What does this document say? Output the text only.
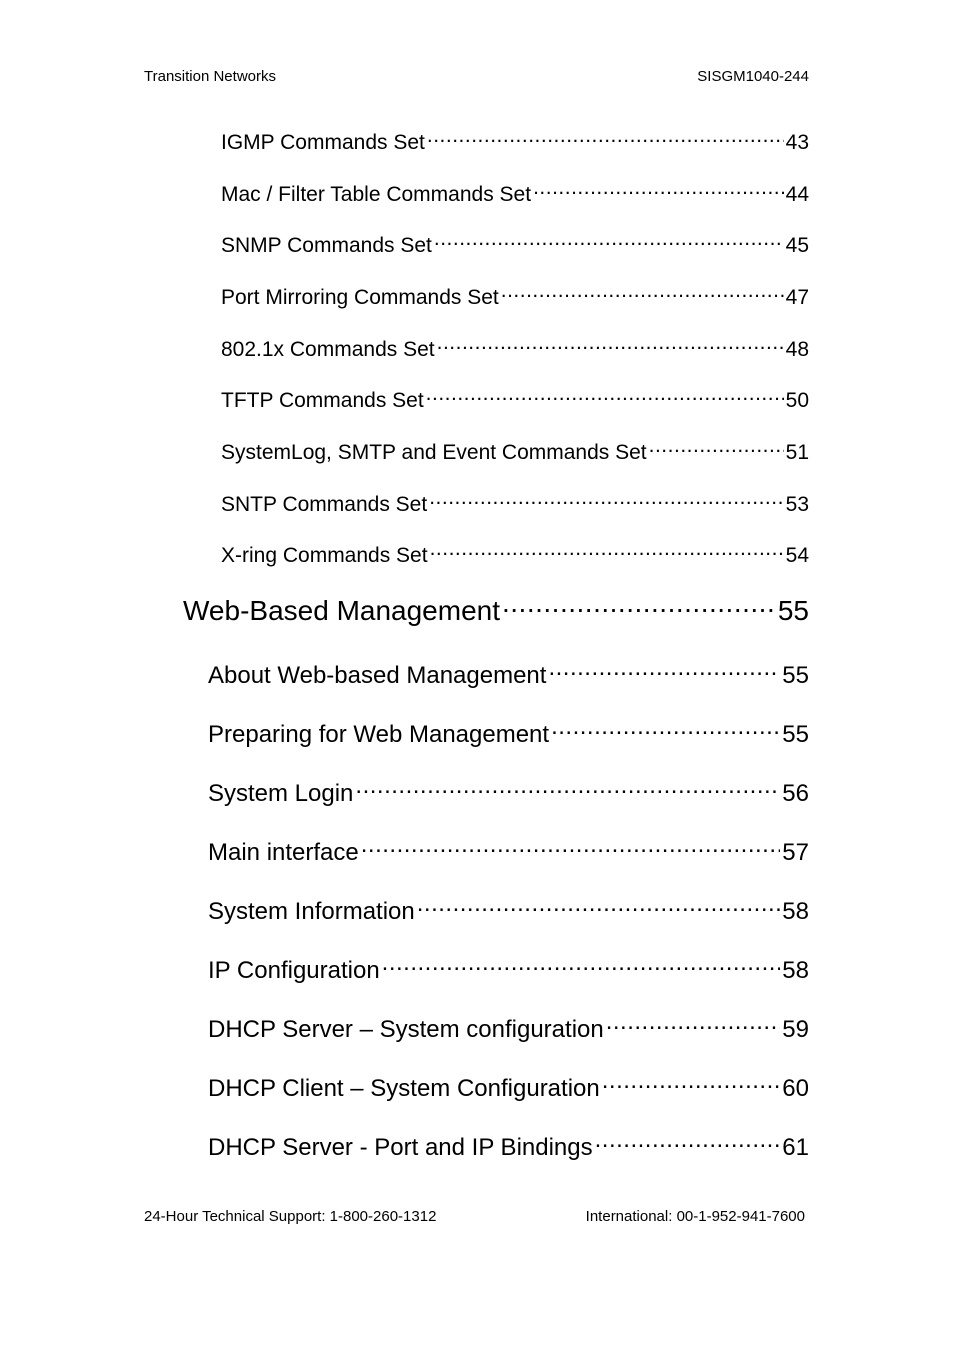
Transition Networks	SISGM1040-244
IGMP Commands Set .....	43
Mac / Filter Table Commands Set .....	44
SNMP Commands Set .....	45
Port Mirroring Commands Set .....	47
802.1x Commands Set .....	48
TFTP Commands Set .....	50
SystemLog, SMTP and Event Commands Set .....	51
SNTP Commands Set .....	53
X-ring Commands Set .....	54
Web-Based Management .....	55
About Web-based Management .....	55
Preparing for Web Management .....	55
System Login .....	56
Main interface .....	57
System Information .....	58
IP Configuration .....	58
DHCP Server – System configuration .....	59
DHCP Client – System Configuration .....	60
DHCP Server - Port and IP Bindings .....	61
24-Hour Technical Support: 1-800-260-1312	International: 00-1-952-941-7600
